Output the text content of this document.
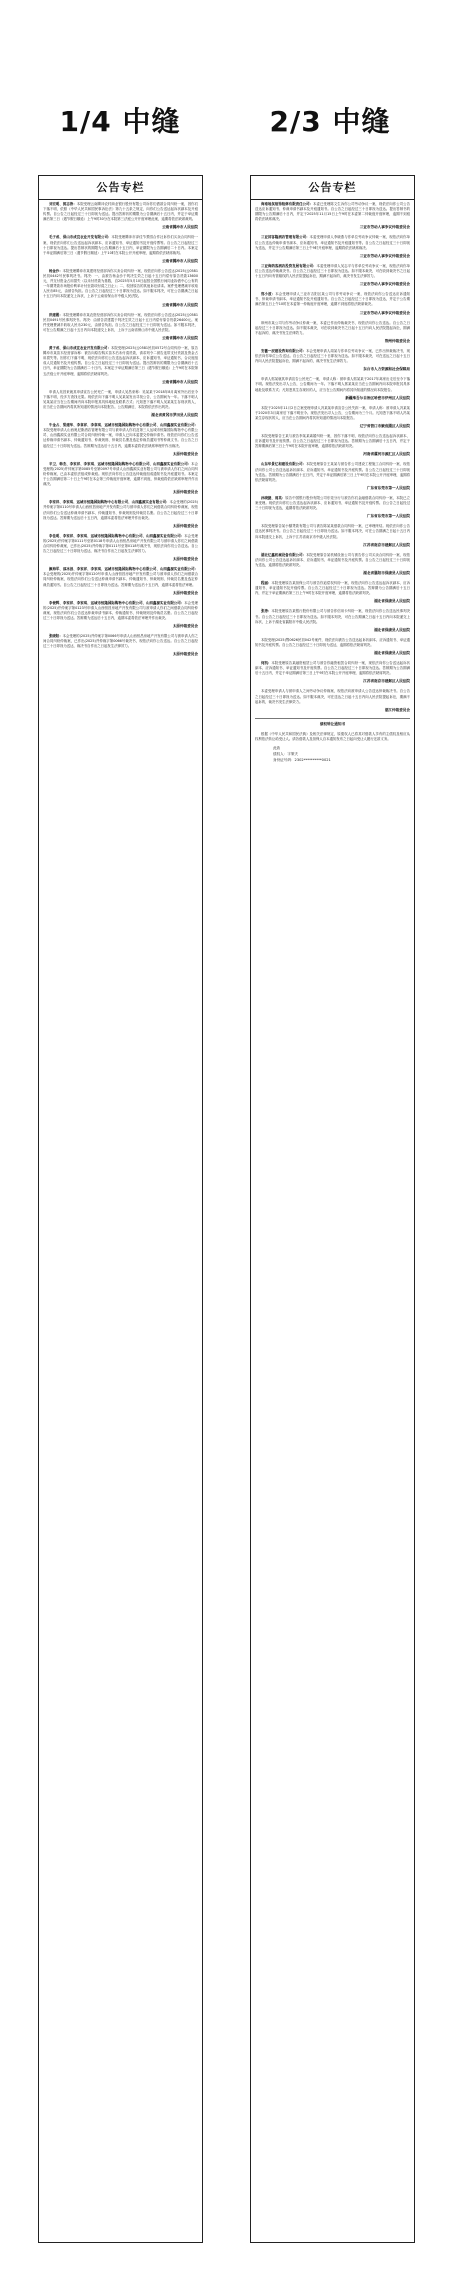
1/4 中缝	2/3 中缝
公告专栏

刘宏明、郭志涛：本院受理云南腾冲农村商业银行股份有限公司诉你们借款合同纠纷一案，因你们下落不明，依照《中华人民共和国民事诉讼法》第九十五条之规定，向你们公告送达起诉状副本及开庭传票。自公告之日起经过三十日即视为送达。提出答辩状的期限为公告期满后十五日内，并定于举证期满后第三日（遇节假日顺延）上午9时30分在本院第三法庭公开开庭审理此案，逾期将依法缺席裁判。

云南省腾冲市人民法院

毛子成、保山市成宜农业开发有限公司：本院受理腾冲市泽佳节景园合作社诉你们买卖合同纠纷一案，现依法向你们公告送达起诉状副本、应诉通知书、举证通知书及开庭传票等。自公告之日起经过三十日即视为送达。提出答辩状的期限为公告期满后十五日内，举证期限为公告期满后二十日内。本案定于举证期满后第三日（遇节假日顺延）上午10时在本院公开开庭审理，逾期将依法缺席裁判。

云南省腾冲市人民法院

杨金沙：本院受理腾冲市某建材经营部诉你买卖合同纠纷一案，现依法向你公告送达(2025)云0581民初0442号民事判决书。判决：一、由被告杨金沙于判决生效之日起十五日内偿付原告货款13600元，并支付资金占用损失（以未付货款为基数，自2025年5月10日起按全国银行间同业拆借中心公布的一年期贷款市场报价利率计付至款项付清之日止）；二、驳回原告的其他诉讼请求。案件受理费减半收取人民币85元，由被告负担。自公告之日起经过三十日即视为送达。如不服本判决，可在公告期满之日起十五日内向本院递交上诉状，上诉于云南省保山市中级人民法院。

云南省腾冲市人民法院

洪建霞：本院受理腾冲市某农资经营部诉你买卖合同纠纷一案，现依法向你公告送达(2025)云0581民初0491号民事判决书。判决：由被告洪建霞于判决生效之日起十五日内偿付原告货款26400元。案件受理费减半收取人民币230元，由被告负担。自公告之日起经过三十日即视为送达。如不服本判决，可在公告期满之日起十五日内向本院递交上诉状，上诉于云南省保山市中级人民法院。

云南省腾冲市人民法院

黄子成、保山市成宜农业开发有限公司：本院受理(2025)云0581民初0572号合同纠纷一案，原告腾冲市某苗木经营部诉称：被告向原告购买苗木后未付清货款，请求判令二被告连带支付货款及资金占用损失等。因你们下落不明，现依法向你们公告送达起诉状副本、应诉通知书、举证通知书、合议庭组成人员通知书及开庭传票。自公告之日起经过三十日即视为送达。提出答辩状的期限为公告期满后十五日内，举证期限为公告期满后二十日内。本案定于举证期满后第三日（遇节假日顺延）上午9时在本院第五法庭公开开庭审理，逾期将依法缺席判决。

云南省腾冲市人民法院

申请人吴昌来就其申请宣告公民死亡一案，申请人吴昌来称：吴某某于2018年8月离家外出后至今下落不明，经多方查找无果。现依法向下落不明人吴某某发出寻找公告，公告期间为一年。下落不明人吴某某应当在公告期间内向本院申报其具体地址及联系方式；凡知悉下落不明人吴某某生存现状的人，应当在公告期间内将其所知道的情况向本院报告。公告期满后，本院将依法作出判决。

湖北省黄冈市罗田县人民法院

牛金占、梁建华、李章祥、李章琪、运城市恒隆国际购物中心有限公司、山西鑫源实业有限公司：本院受理申请人山西奥尼斯酒店管理有限公司与被申请人你们及第三人运城市恒隆国际购物中心有限公司、山西鑫源实业有限公司合同纠纷仲裁一案，申请人已向本委提交仲裁申请书。现依法向你们公告送达仲裁申请书副本、仲裁通知书、仲裁规则、仲裁员名册及选定仲裁员通知书等仲裁文书。自公告之日起经过三十日即视为送达。答辩期为送达后十五日内，逾期本委将依法缺席审理并作出裁决。

太原仲裁委员会

辛卫、韩杰、李家祥、李家琪、运城市恒隆国际购物中心有限公司、山西鑫源实业有限公司：本会受理的(2025)并仲案字第0085号至第0097号申请人山西鑫源实业有限公司与被申请人你们之间合同纠纷仲裁案，已由本委依法组成仲裁庭。现依法向你们公告送达仲裁庭组成通知书及开庭通知书。本案定于公告期满后第二十日上午9时在本会第三仲裁庭开庭审理，逾期不到庭，仲裁庭将依法缺席审理并作出裁决。

太原仲裁委员会

李家祥、李家琪、运城市恒隆国际购物中心有限公司、山西鑫源实业有限公司：本会受理的(2025)并仲案字第0110号申请人山西恒昌房地产开发有限公司与被申请人你们之间借款合同纠纷仲裁案，现依法向你们公告送达仲裁申请书副本、仲裁通知书、仲裁规则及仲裁员名册。自公告之日起经过三十日即视为送达。答辩期为送达后十五日内，逾期本委将依法审理并作出裁决。

太原仲裁委员会

李佳明、李家祥、李家琪、运城市恒隆国际购物中心有限公司、山西鑫源实业有限公司：本会受理的(2025)并仲案字第0111号至第0118号申请人山西恒昌房地产开发有限公司与被申请人你们之间借款合同纠纷仲裁案，已作出(2025)并仲裁字第0111号至第0118号裁决书，现依法向你们公告送达。自公告之日起经过三十日即视为送达，裁决书自作出之日起发生法律效力。

太原仲裁委员会

颜海军、邵冰剑、李家祥、李家琪、运城市恒隆国际购物中心有限公司、山西鑫源实业有限公司：本会受理的(2025)并仲案字第0120号申请人山西恒昌房地产开发有限公司与被申请人你们之间借款合同纠纷仲裁案，现依法向你们公告送达仲裁申请书副本、仲裁通知书、仲裁规则、仲裁员名册及选定仲裁员通知书。自公告之日起经过三十日即视为送达。答辩期为送达后十五日内，逾期本委将依法审理。

太原仲裁委员会

李俊辉、李家祥、李家琪、运城市恒隆国际购物中心有限公司、山西鑫源实业有限公司：本会受理的(2025)并仲案字第0123号申请人山西恒昌房地产开发有限公司与被申请人你们之间借款合同纠纷仲裁案，现依法向你们公告送达仲裁申请书副本、仲裁通知书、仲裁规则及仲裁员名册。自公告之日起经过三十日即视为送达。答辩期为送达后十五日内，逾期本委将依法审理并作出裁决。

太原仲裁委员会

张晓阳：本会受理的(2025)并仲案字第0066号申请人山西恒昌房地产开发有限公司与被申请人你之间合同纠纷仲裁案，已作出(2025)并仲裁字第0066号裁决书，现依法向你公告送达。自公告之日起经过三十日即视为送达，裁决书自作出之日起发生法律效力。

太原仲裁委员会
公告专栏

海南地氛装饰装修有限责任公司：本委已受理陈文生诉你公司劳动争议一案，现依法向你公司公告送达应诉通知书、仲裁申请书副本及开庭通知书。自公告之日起经过三十日即视为送达。提出答辩书的期限为公告期满后十日内，并定于2025年11月15日上午9时在本委第二仲裁庭开庭审理，逾期不到庭将依法缺席裁决。

三亚市劳动人事争议仲裁委员会

三亚邦客隆酒店管理有限公司：本委受理申请人李晓燕与你单位劳动争议仲裁一案，现依法向你单位公告送达仲裁申请书副本、应诉通知书、举证通知书及开庭通知书等。自公告之日起经过三十日即视为送达，并定于公告期满后第三日上午9时开庭审理，逾期将依法缺席裁决。

三亚市劳动人事争议仲裁委员会

三亚海纳客酒店投资发展有限公司：本委受理申请人吴志平与你单位劳动争议一案，现依法向你单位公告送达仲裁裁决书。自公告之日起经过三十日即视为送达。如不服本裁决，可在收到裁决书之日起十五日内向有管辖权的人民法院提起诉讼，期满不起诉的，裁决书发生法律效力。

三亚市劳动人事争议仲裁委员会

郑小波：本会受理申请人三亚市吉阳区某公司与你劳动争议一案，现依法向你公告送达应诉通知书、仲裁申请书副本、举证通知书及开庭通知书。自公告之日起经过三十日即视为送达，并定于公告期满后第五日上午10时在本委第一仲裁庭开庭审理，逾期不到庭将依法缺席裁决。

三亚市劳动人事争议仲裁委员会

荆州市某公司与你劳动争议仲裁一案，本委已作出仲裁裁决书，现依法向你公告送达。自公告之日起经过三十日即视为送达。如不服本裁决，可在收到裁决书之日起十五日内向人民法院提起诉讼，期满不起诉的，裁决书发生法律效力。

荆州仲裁委员会

安徽一辰建设咨询有限公司：本会受理申请人周某与你单位劳动争议一案，已作出仲裁裁决书，现依法向你单位公告送达。自公告之日起经过三十日即视为送达。如不服本裁决，可在送达之日起十五日内向人民法院提起诉讼，期满不起诉的，裁决书发生法律效力。

东台市人力资源和社会保障局

申请人郭某就其申请宣告公民死亡一案，申请人称：被申请人郭某某于2017年离家出走后至今下落不明。现依法发出寻人公告，公告期间为一年。下落不明人郭某某应当在公告期间内向本院申报其具体地址及联系方式；凡知悉其生存现状的人，应当在公告期间内将其所知道的情况向本院报告。

新疆维吾尔自治区哈密市伊州区人民法院

本院于2025年11月2日立案受理申请人冯某某申请宣告公民失踪一案，申请人称：被申请人冯某某于2020年3月离家后下落不明至今。现依法发出寻人公告，公告期间为三个月。凡知悉下落不明人冯某某生存现状的人，应当在公告期间内将其所知道的情况向本院报告。

辽宁省营口市鲅鱼圈区人民法院

本院受理原告王某与被告李某某离婚纠纷一案，因你下落不明，现依法向你公告送达起诉状副本、应诉通知书及开庭传票。自公告之日起经过三十日即视为送达。答辩期为公告期满后十五日内，并定于答辩期满后第三日上午9时在本院开庭审理，逾期将依法缺席判决。

河南省漯河市源汇区人民法院

山东华景亿和建设有限公司：本院受理原告王某某与被告你公司建设工程施工合同纠纷一案，现依法向你公司公告送达起诉状副本、应诉通知书、举证通知书及开庭传票。自公告之日起经过三十日即视为送达。答辩期为公告期满后十五日内，并定于举证期满后第三日上午9时在本院公开开庭审理，逾期将依法缺席判决。

广东省东莞市第一人民法院

孙晓捷、周英：原告中国银行股份有限公司东莞分行与被告你们金融借款合同纠纷一案，本院已立案受理。现依法向你们公告送达起诉状副本、应诉通知书、举证通知书及开庭传票。自公告之日起经过三十日即视为送达，逾期将依法缺席判决。

广东省东莞市第一人民法院

本院受理原告某小额贷款有限公司与被告陈某某借款合同纠纷一案，已审理终结。现依法向你公告送达民事判决书。自公告之日起经过三十日即视为送达。如不服本判决，可在公告期满之日起十五日内向本院递交上诉状，上诉于江苏省南京市中级人民法院。

江苏省南京市建邺区人民法院

湖北亿鑫机械设备有限公司：本院受理原告某机械设备公司与被告你公司买卖合同纠纷一案，现依法向你公司公告送达起诉状副本、应诉通知书、举证通知书及开庭传票。自公告之日起经过三十日即视为送达，逾期将依法缺席判决。

湖北省襄阳市保康县人民法院

程丽：本院受理原告某担保公司与被告你追偿权纠纷一案，现依法向你公告送达起诉状副本、应诉通知书、举证通知书及开庭传票。自公告之日起经过三十日即视为送达。答辩期为公告期满后十五日内，并定于举证期满后第三日上午9时在本院开庭审理，逾期将依法缺席判决。

湖北省保康县人民法院

张涛：本院受理原告某银行股份有限公司与被告你信用卡纠纷一案，现依法向你公告送达民事判决书。自公告之日起经过三十日即视为送达。如不服本判决，可在公告期满之日起十五日内向本院递交上诉状，上诉于湖北省襄阳市中级人民法院。

湖北省保康县人民法院

本院受理(2025)鄂0626民初042号案件，现依法向被告公告送达起诉状副本、应诉通知书、举证通知书及开庭传票。自公告之日起经过三十日即视为送达，逾期将依法缺席判决。

湖北省保康县人民法院

何凯：本院受理原告某融资租赁公司与被告你融资租赁合同纠纷一案，现依法向你公告送达起诉状副本、应诉通知书、举证通知书及开庭传票。自公告之日起经过三十日即视为送达。答辩期为公告期满后十五日内，并定于举证期满后第三日上午9时在本院公开开庭审理，逾期将依法缺席判决。

江苏省南京市建邺区人民法院

本委受理申请人与被申请人之间劳动争议仲裁案，现依法向被申请人公告送达仲裁裁决书。自公告之日起经过三十日即视为送达。如不服本裁决，可在送达之日起十五日内向人民法院提起诉讼，期满不起诉的，裁决书发生法律效力。

湛江仲裁委员会
债权转让通知书

根据《中华人民共和国民法典》及相关法律规定，原债权人已将其对借款人享有的主债权及相应从权利依法转让给受让人。请各借款人及担保人自本通知发布之日起向受让人履行还款义务。

此致
债权人：宇策夫
身份证号码：2302**********0021
